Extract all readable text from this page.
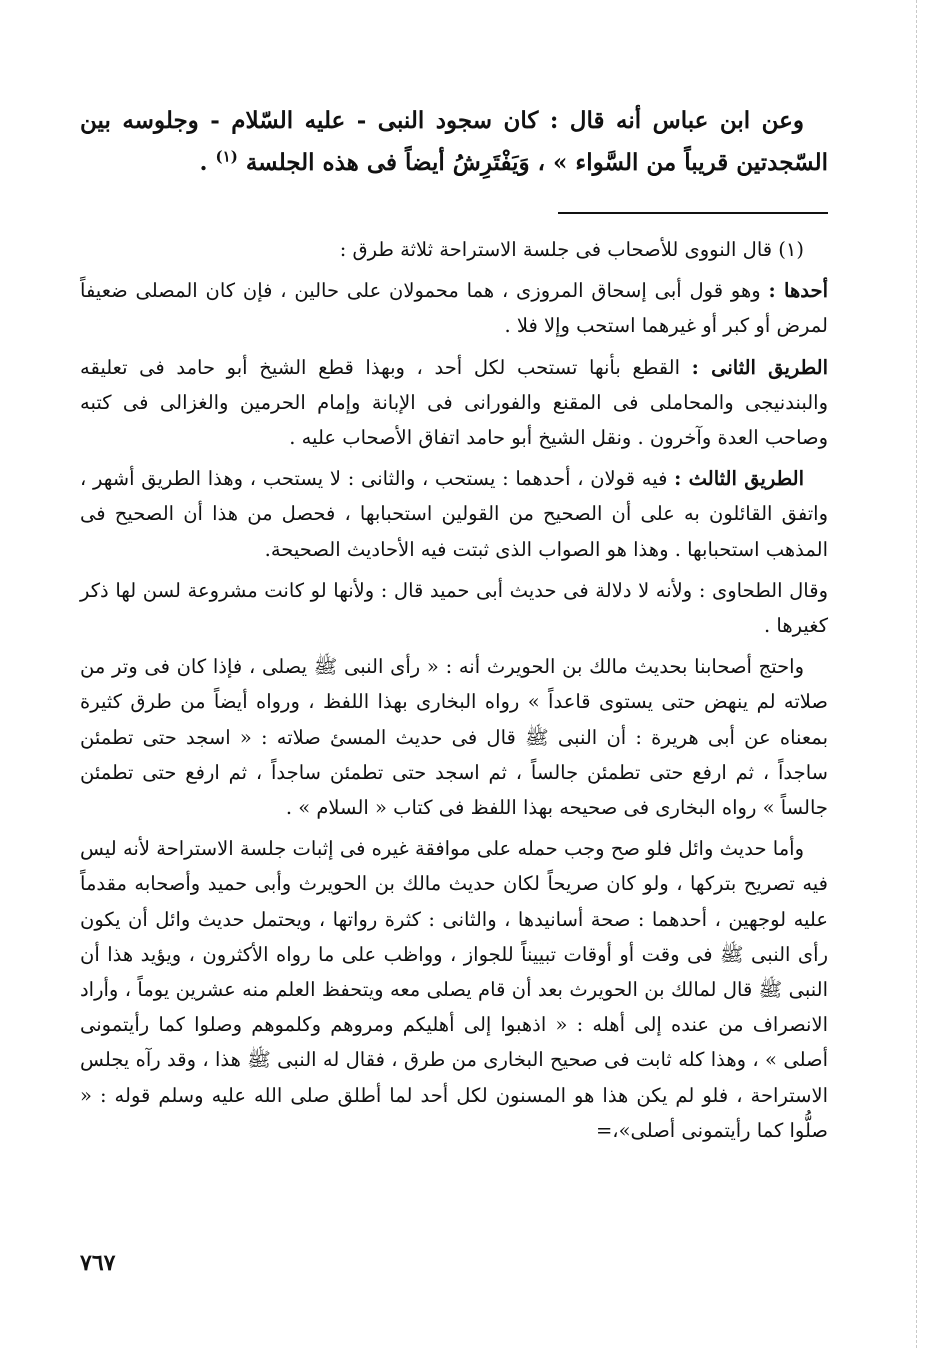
وعن ابن عباس أنه قال : كان سجود النبى - عليه السّلام - وجلوسه بين السّجدتين قريباً من السَّواء » ، وَيَفْتَرِشُ أيضاً فى هذه الجلسة $^{(١)}$ .

(١) قال النووى للأصحاب فى جلسة الاستراحة ثلاثة طرق :

أحدها : وهو قول أبى إسحاق المروزى ، هما محمولان على حالين ، فإن كان المصلى ضعيفاً لمرض أو كبر أو غيرهما استحب وإلا فلا .

الطريق الثانى : القطع بأنها تستحب لكل أحد ، وبهذا قطع الشيخ أبو حامد فى تعليقه والبندنيجى والمحاملى فى المقنع والفورانى فى الإبانة وإمام الحرمين والغزالى فى كتبه وصاحب العدة وآخرون . ونقل الشيخ أبو حامد اتفاق الأصحاب عليه .

الطريق الثالث : فيه قولان ، أحدهما : يستحب ، والثانى : لا يستحب ، وهذا الطريق أشهر ، واتفق القائلون به على أن الصحيح من القولين استحبابها ، فحصل من هذا أن الصحيح فى المذهب استحبابها . وهذا هو الصواب الذى ثبتت فيه الأحاديث الصحيحة.

وقال الطحاوى : ولأنه لا دلالة فى حديث أبى حميد قال : ولأنها لو كانت مشروعة لسن لها ذكر كغيرها .

واحتج أصحابنا بحديث مالك بن الحويرث أنه : « رأى النبى ﷺ يصلى ، فإذا كان فى وتر من صلاته لم ينهض حتى يستوى قاعداً » رواه البخارى بهذا اللفظ ، ورواه أيضاً من طرق كثيرة بمعناه عن أبى هريرة : أن النبى ﷺ قال فى حديث المسئ صلاته : « اسجد حتى تطمئن ساجداً ، ثم ارفع حتى تطمئن جالساً ، ثم اسجد حتى تطمئن ساجداً ، ثم ارفع حتى تطمئن جالساً » رواه البخارى فى صحيحه بهذا اللفظ فى كتاب « السلام » .

وأما حديث وائل فلو صح وجب حمله على موافقة غيره فى إثبات جلسة الاستراحة لأنه ليس فيه تصريح بتركها ، ولو كان صريحاً لكان حديث مالك بن الحويرث وأبى حميد وأصحابه مقدماً عليه لوجهين ، أحدهما : صحة أسانيدها ، والثانى : كثرة رواتها ، ويحتمل حديث وائل أن يكون رأى النبى ﷺ فى وقت أو أوقات تبييناً للجواز ، وواظب على ما رواه الأكثرون ، ويؤيد هذا أن النبى ﷺ قال لمالك بن الحويرث بعد أن قام يصلى معه ويتحفظ العلم منه عشرين يوماً ، وأراد الانصراف من عنده إلى أهله : « اذهبوا إلى أهليكم ومروهم وكلموهم وصلوا كما رأيتمونى أصلى » ، وهذا كله ثابت فى صحيح البخارى من طرق ، فقال له النبى ﷺ هذا ، وقد رآه يجلس الاستراحة ، فلو لم يكن هذا هو المسنون لكل أحد لما أطلق صلى الله عليه وسلم قوله : « صلُّوا كما رأيتمونى أصلى»،=

٧٦٧
